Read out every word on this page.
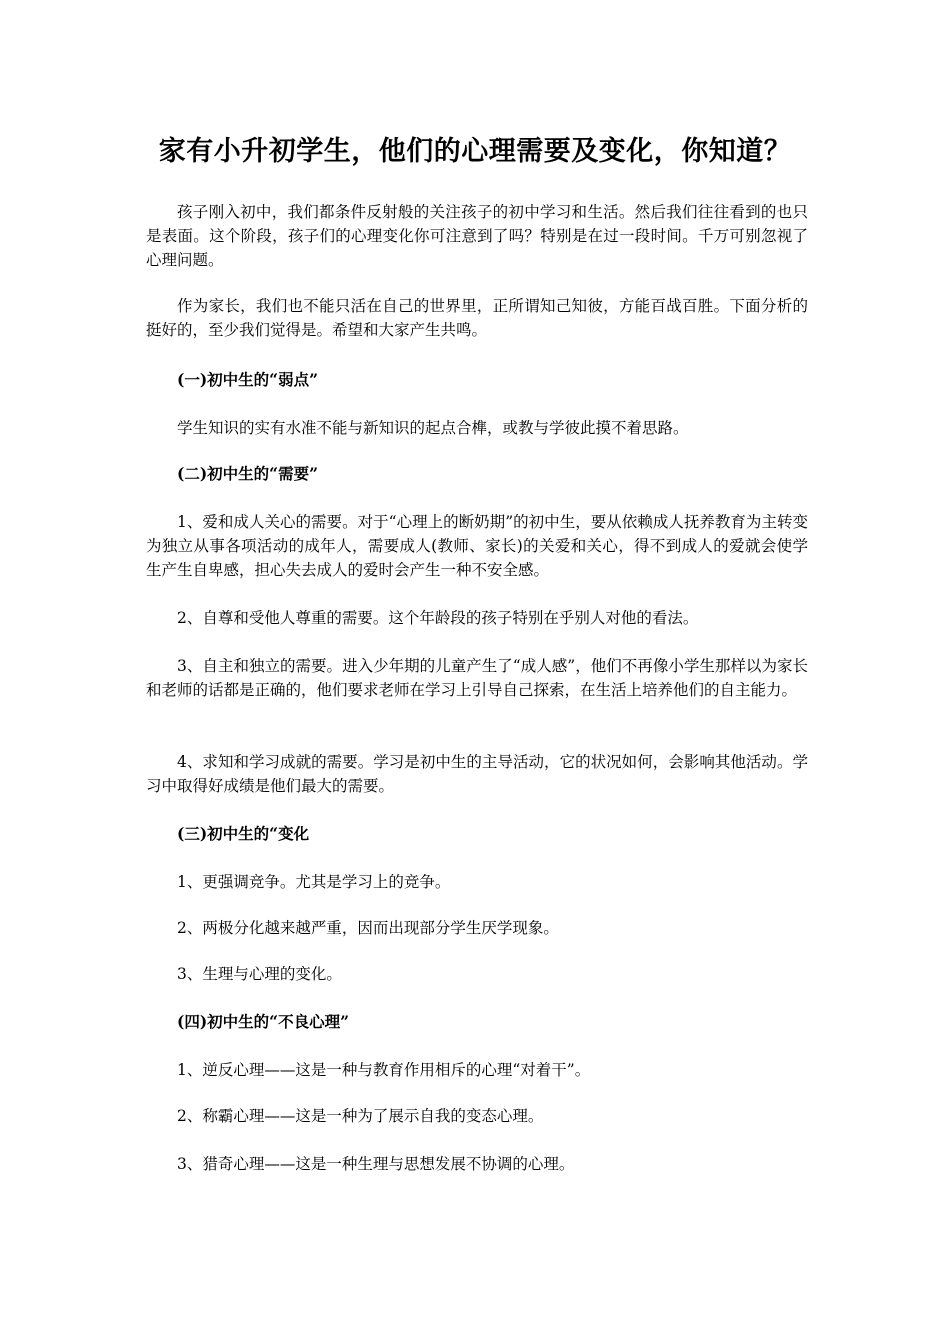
家有小升初学生，他们的心理需要及变化，你知道？

孩子刚入初中，我们都条件反射般的关注孩子的初中学习和生活。然后我们往往看到的也只是表面。这个阶段，孩子们的心理变化你可注意到了吗？特别是在过一段时间。千万可别忽视了心理问题。

作为家长，我们也不能只活在自己的世界里，正所谓知己知彼，方能百战百胜。下面分析的挺好的，至少我们觉得是。希望和大家产生共鸣。

(一)初中生的“弱点”

学生知识的实有水准不能与新知识的起点合榫，或教与学彼此摸不着思路。

(二)初中生的“需要”

1、爱和成人关心的需要。对于“心理上的断奶期”的初中生，要从依赖成人抚养教育为主转变为独立从事各项活动的成年人，需要成人(教师、家长)的关爱和关心，得不到成人的爱就会使学生产生自卑感，担心失去成人的爱时会产生一种不安全感。

2、自尊和受他人尊重的需要。这个年龄段的孩子特别在乎别人对他的看法。

3、自主和独立的需要。进入少年期的儿童产生了“成人感”，他们不再像小学生那样以为家长和老师的话都是正确的，他们要求老师在学习上引导自己探索，在生活上培养他们的自主能力。

4、求知和学习成就的需要。学习是初中生的主导活动，它的状况如何，会影响其他活动。学习中取得好成绩是他们最大的需要。

(三)初中生的“变化

1、更强调竞争。尤其是学习上的竞争。

2、两极分化越来越严重，因而出现部分学生厌学现象。

3、生理与心理的变化。

(四)初中生的“不良心理”

1、逆反心理——这是一种与教育作用相斥的心理“对着干”。

2、称霸心理——这是一种为了展示自我的变态心理。

3、猎奇心理——这是一种生理与思想发展不协调的心理。
